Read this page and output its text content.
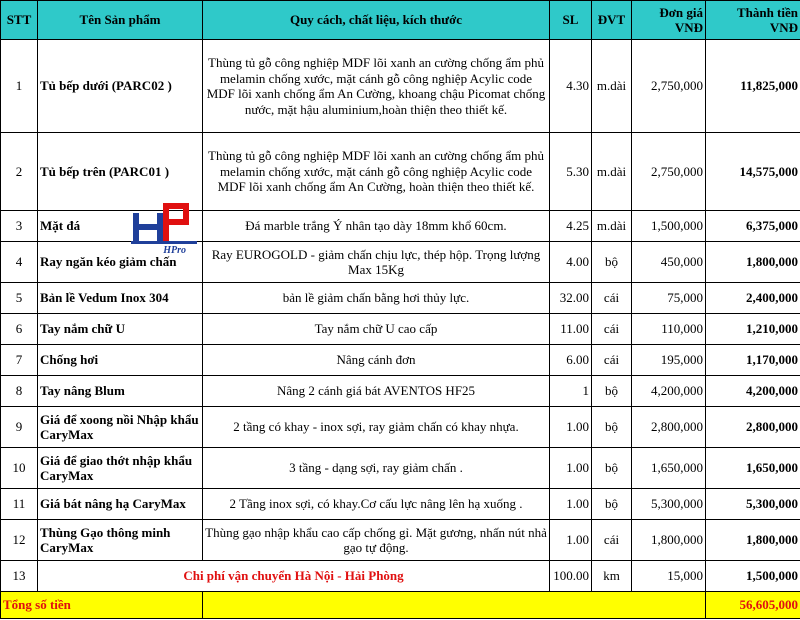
STT	Tên Sản phẩm	Quy cách, chất liệu, kích thước	SL	ĐVT	Đơn giá VNĐ	Thành tiền VNĐ
1	Tủ bếp dưới (PARC02 )	Thùng tủ gỗ công nghiệp MDF lõi xanh an cường chống ẩm phủ melamin chống xước, mặt cánh gỗ công nghiệp Acylic code MDF lõi xanh chống ẩm An Cường, khoang chậu Picomat chống nước, mặt hậu aluminium,hoàn thiện theo thiết kế.	4.30	m.dài	2,750,000	11,825,000
2	Tủ bếp trên (PARC01 )	Thùng tủ gỗ công nghiệp MDF lõi xanh an cường chống ẩm phủ melamin chống xước, mặt cánh gỗ công nghiệp Acylic code MDF lõi xanh chống ẩm An Cường, hoàn thiện theo thiết kế.	5.30	m.dài	2,750,000	14,575,000
3	Mặt đá	Đá marble trắng Ý nhân tạo dày 18mm khổ 60cm.	4.25	m.dài	1,500,000	6,375,000
4	Ray ngăn kéo giảm chấn	Ray EUROGOLD - giảm chấn chịu lực, thép hộp. Trọng lượng Max 15Kg	4.00	bộ	450,000	1,800,000
5	Bản lề Vedum Inox 304	bản lề giảm chấn bằng hơi thủy lực.	32.00	cái	75,000	2,400,000
6	Tay nắm chữ U	Tay nắm chữ U cao cấp	11.00	cái	110,000	1,210,000
7	Chống hơi	Nâng cánh đơn	6.00	cái	195,000	1,170,000
8	Tay nâng Blum	Nâng 2 cánh giá bát AVENTOS HF25	1	bộ	4,200,000	4,200,000
9	Giá để xoong nồi Nhập khẩu CaryMax	2 tầng có khay - inox sợi, ray giảm chấn có khay nhựa.	1.00	bộ	2,800,000	2,800,000
10	Giá để giao thớt nhập khẩu CaryMax	3 tầng - dạng sợi, ray giảm chấn .	1.00	bộ	1,650,000	1,650,000
11	Giá bát nâng hạ CaryMax	2 Tầng inox sợi, có khay.Cơ cấu lực nâng lên hạ xuống .	1.00	bộ	5,300,000	5,300,000
12	Thùng Gạo thông minh CaryMax	Thùng gạo nhập khẩu cao cấp chống gỉ. Mặt gương, nhấn nút nhả gạo tự động.	1.00	cái	1,800,000	1,800,000
13	Chi phí vận chuyển Hà Nội - Hải Phòng		100.00	km	15,000	1,500,000
Tổng số tiền						56,605,000
HPro
